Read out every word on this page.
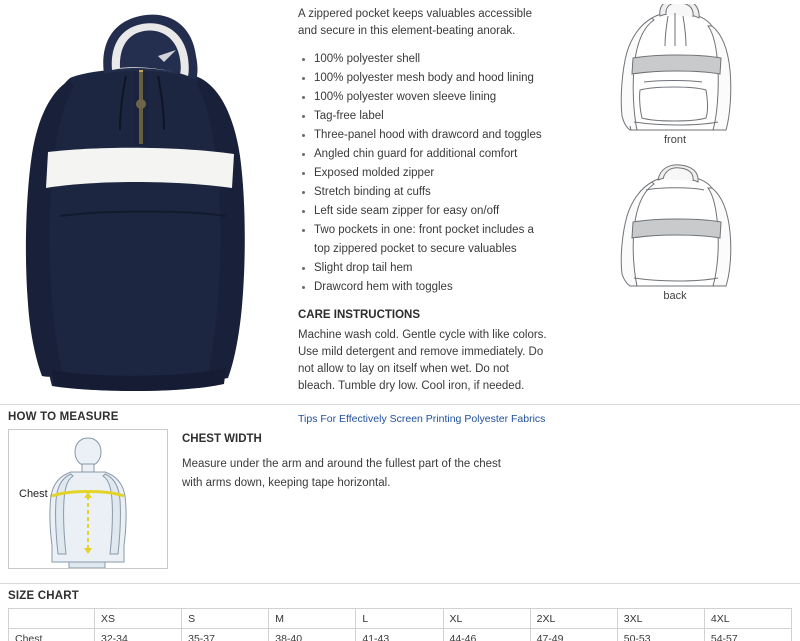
A zippered pocket keeps valuables accessible and secure in this element-beating anorak.

100% polyester shell
100% polyester mesh body and hood lining
100% polyester woven sleeve lining
Tag-free label
Three-panel hood with drawcord and toggles
Angled chin guard for additional comfort
Exposed molded zipper
Stretch binding at cuffs
Left side seam zipper for easy on/off
Two pockets in one: front pocket includes a top zippered pocket to secure valuables
Slight drop tail hem
Drawcord hem with toggles
CARE INSTRUCTIONS

Machine wash cold. Gentle cycle with like colors. Use mild detergent and remove immediately. Do not allow to lay on itself when wet. Do not bleach. Tumble dry low. Cool iron, if needed.

Tips For Effectively Screen Printing Polyester Fabrics
front
back
HOW TO MEASURE
Chest
CHEST WIDTH
Measure under the arm and around the fullest part of the chest
with arms down, keeping tape horizontal.
SIZE CHART
	XS	S	M	L	XL	2XL	3XL	4XL
Chest	32-34	35-37	38-40	41-43	44-46	47-49	50-53	54-57
